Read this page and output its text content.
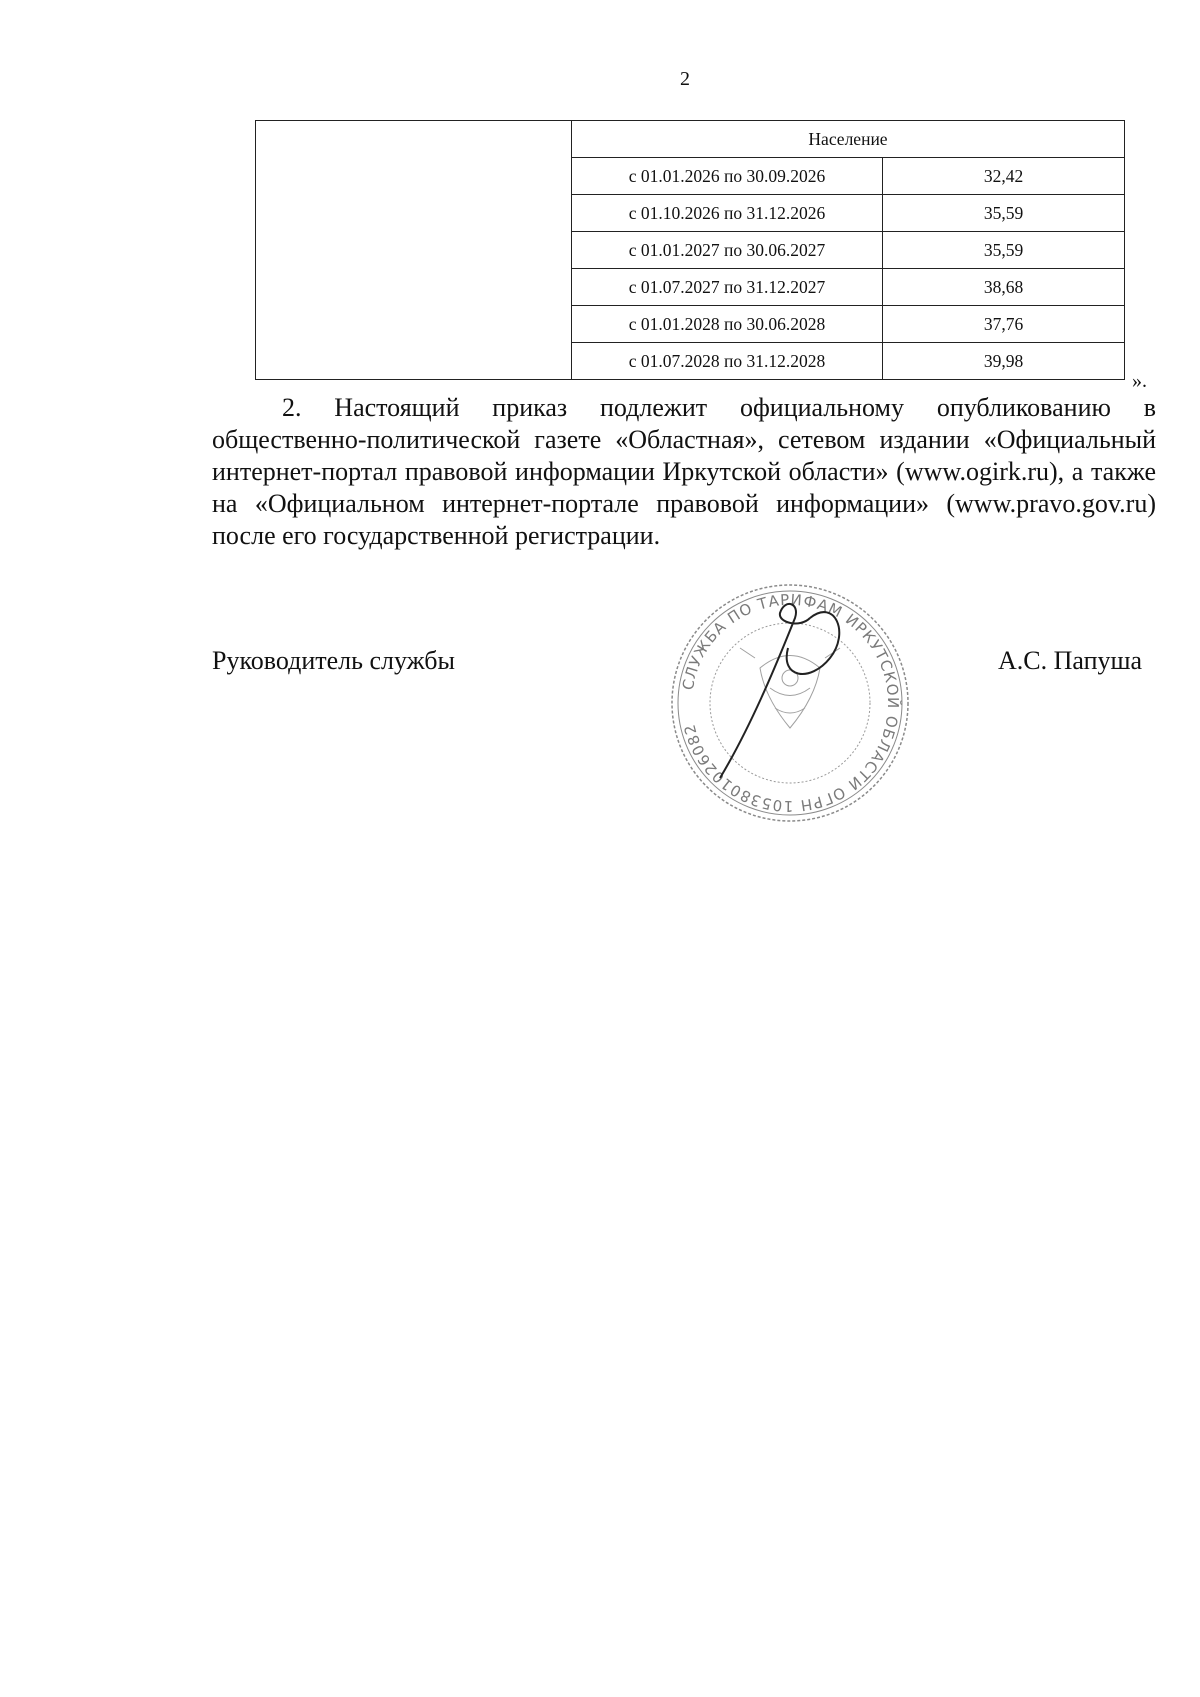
2
	Население	
	с 01.01.2026 по 30.09.2026	32,42
	с 01.10.2026 по 31.12.2026	35,59
	с 01.01.2027 по 30.06.2027	35,59
	с 01.07.2027 по 31.12.2027	38,68
	с 01.01.2028 по 30.06.2028	37,76
	с 01.07.2028 по 31.12.2028	39,98
».
2. Настоящий приказ подлежит официальному опубликованию в общественно-политической газете «Областная», сетевом издании «Официальный интернет-портал правовой информации Иркутской области» (www.ogirk.ru), а также на «Официальном интернет-портале правовой информации» (www.pravo.gov.ru) после его государственной регистрации.
Руководитель службы	А.С. Папуша
СЛУЖБА ПО ТАРИФАМ ИРКУТСКОЙ ОБЛАСТИ ОГРН 1053801026082
